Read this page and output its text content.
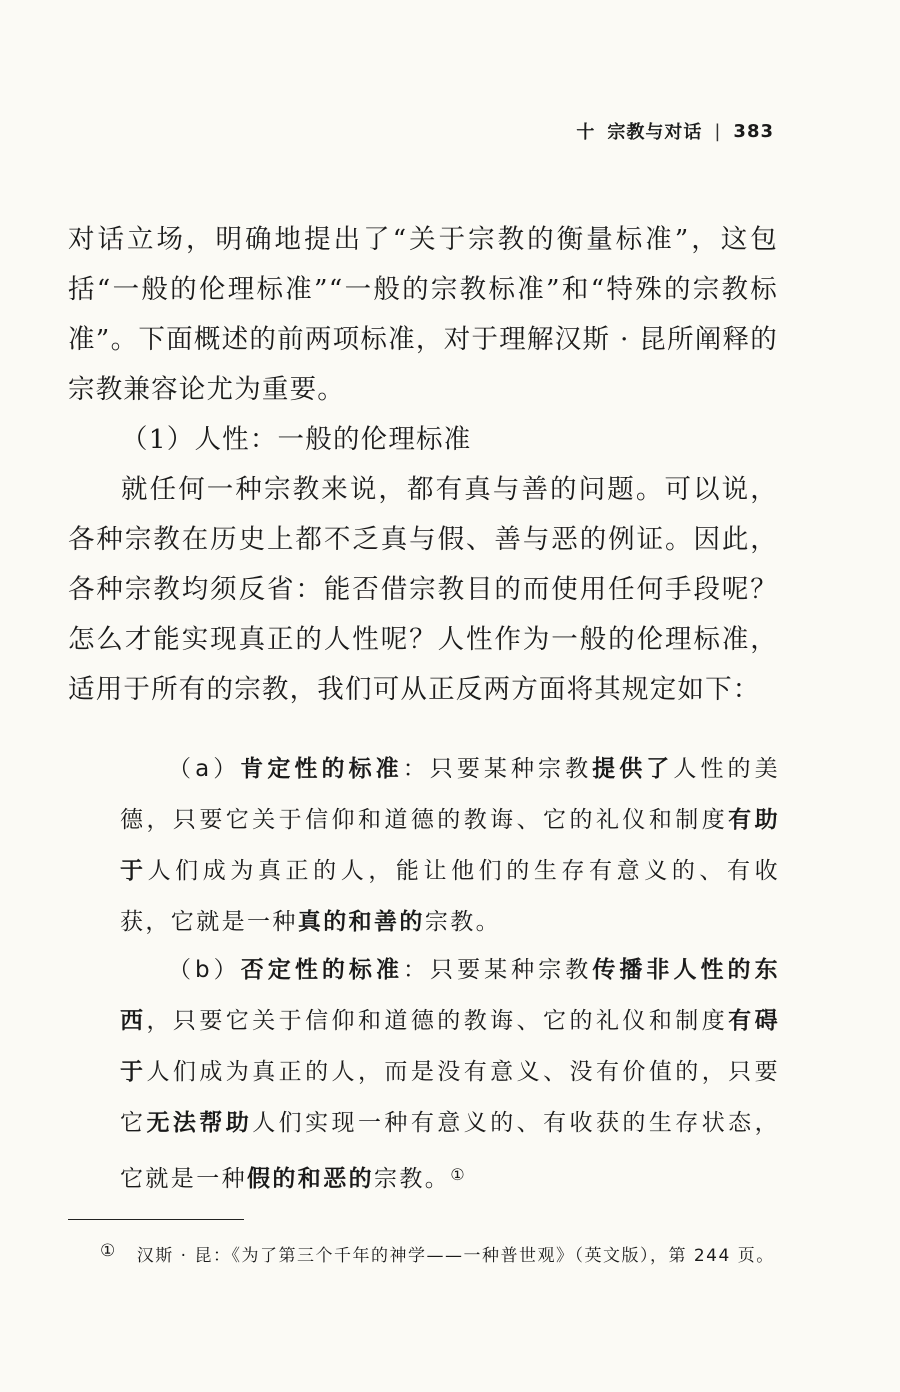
十 宗教与对话 | 383

对话立场，明确地提出了“关于宗教的衡量标准”，这包括“一般的伦理标准”“一般的宗教标准”和“特殊的宗教标准”。下面概述的前两项标准，对于理解汉斯 · 昆所阐释的宗教兼容论尤为重要。

（1）人性：一般的伦理标准

就任何一种宗教来说，都有真与善的问题。可以说，各种宗教在历史上都不乏真与假、善与恶的例证。因此，各种宗教均须反省：能否借宗教目的而使用任何手段呢？怎么才能实现真正的人性呢？人性作为一般的伦理标准，适用于所有的宗教，我们可从正反两方面将其规定如下：

（a）肯定性的标准：只要某种宗教提供了人性的美德，只要它关于信仰和道德的教诲、它的礼仪和制度有助于人们成为真正的人，能让他们的生存有意义的、有收获，它就是一种真的和善的宗教。

（b）否定性的标准：只要某种宗教传播非人性的东西，只要它关于信仰和道德的教诲、它的礼仪和制度有碍于人们成为真正的人，而是没有意义、没有价值的，只要它无法帮助人们实现一种有意义的、有收获的生存状态，它就是一种假的和恶的宗教。①

① 汉斯 · 昆：《为了第三个千年的神学——一种普世观》（英文版），第 244 页。
